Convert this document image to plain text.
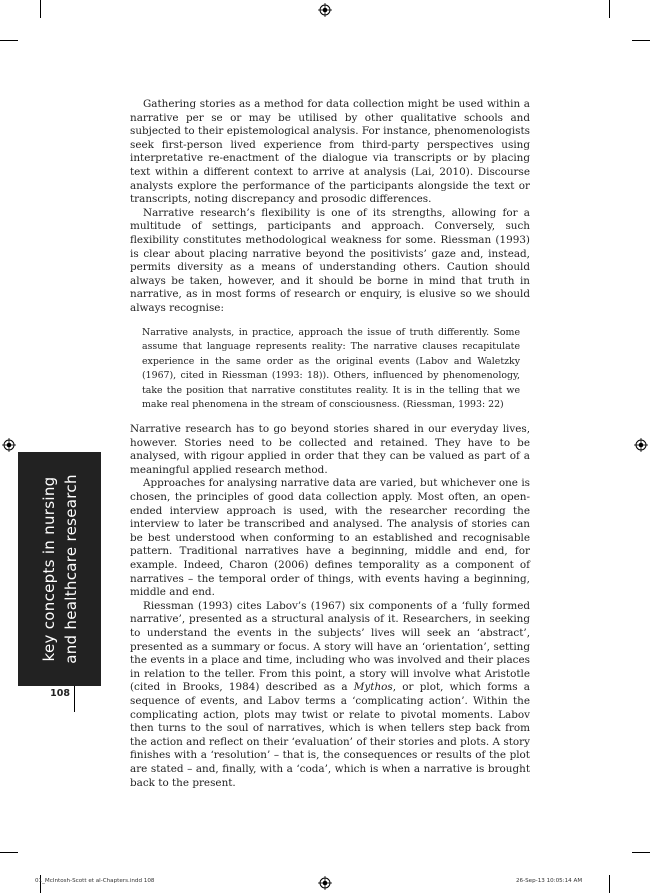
Gathering stories as a method for data collection might be used within a narrative per se or may be utilised by other qualitative schools and subjected to their epistemological analysis. For instance, phenomenologists seek first-person lived experience from third-party perspectives using interpretative re-enactment of the dialogue via transcripts or by placing text within a different context to arrive at analysis (Lai, 2010). Discourse analysts explore the performance of the participants alongside the text or transcripts, noting discrepancy and prosodic differences.

Narrative research’s flexibility is one of its strengths, allowing for a multitude of settings, participants and approach. Conversely, such flexibility constitutes methodological weakness for some. Riessman (1993) is clear about placing narrative beyond the positivists’ gaze and, instead, permits diversity as a means of understanding others. Caution should always be taken, however, and it should be borne in mind that truth in narrative, as in most forms of research or enquiry, is elusive so we should always recognise:

Narrative analysts, in practice, approach the issue of truth differently. Some assume that language represents reality: The narrative clauses recapitulate experience in the same order as the original events (Labov and Waletzky (1967), cited in Riessman (1993: 18)). Others, influenced by phenomenology, take the position that narrative constitutes reality. It is in the telling that we make real phenomena in the stream of consciousness. (Riessman, 1993: 22)

Narrative research has to go beyond stories shared in our everyday lives, however. Stories need to be collected and retained. They have to be analysed, with rigour applied in order that they can be valued as part of a meaningful applied research method.

Approaches for analysing narrative data are varied, but whichever one is chosen, the principles of good data collection apply. Most often, an open-ended interview approach is used, with the researcher recording the interview to later be transcribed and analysed. The analysis of stories can be best understood when conforming to an established and recognisable pattern. Traditional narratives have a beginning, middle and end, for example. Indeed, Charon (2006) defines temporality as a component of narratives – the temporal order of things, with events having a beginning, middle and end.

Riessman (1993) cites Labov’s (1967) six components of a ‘fully formed narrative’, presented as a structural analysis of it. Researchers, in seeking to understand the events in the subjects’ lives will seek an ‘abstract’, presented as a summary or focus. A story will have an ‘orientation’, setting the events in a place and time, including who was involved and their places in relation to the teller. From this point, a story will involve what Aristotle (cited in Brooks, 1984) described as a Mythos, or plot, which forms a sequence of events, and Labov terms a ‘complicating action’. Within the complicating action, plots may twist or relate to pivotal moments. Labov then turns to the soul of narratives, which is when tellers step back from the action and reflect on their ‘evaluation’ of their stories and plots. A story finishes with a ‘resolution’ – that is, the consequences or results of the plot are stated – and, finally, with a ‘coda’, which is when a narrative is brought back to the present.

key concepts in nursing and healthcare research
108
01_McIntosh-Scott et al-Chapters.indd 108	26-Sep-13 10:05:14 AM
